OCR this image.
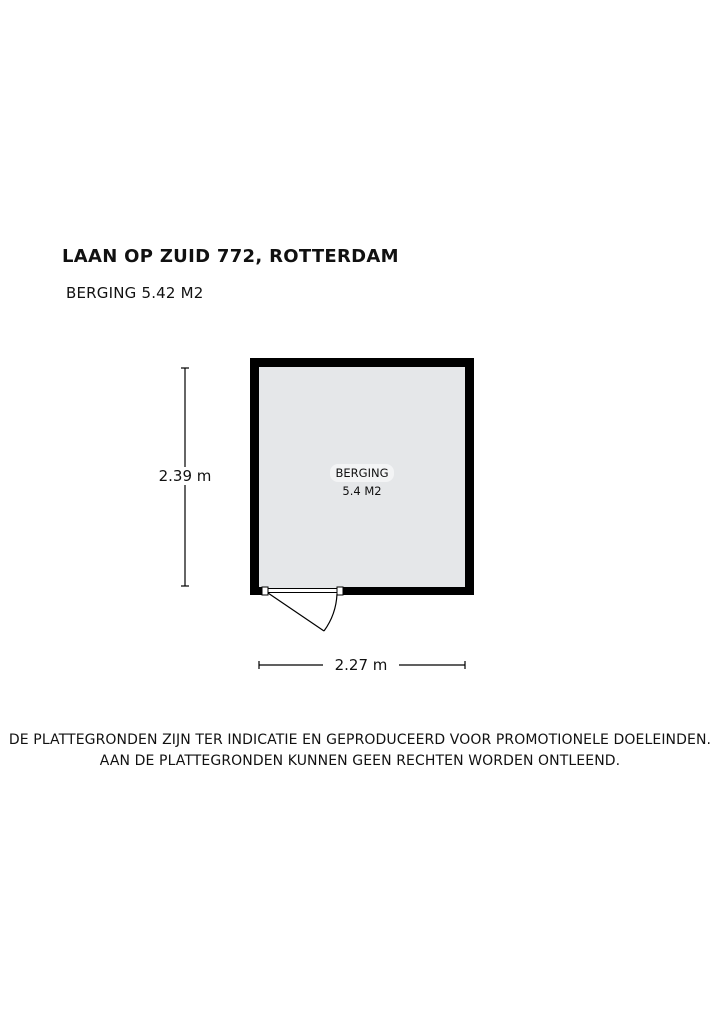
LAAN OP ZUID 772, ROTTERDAM
BERGING 5.42 M2
2.39 m
2.27 m
BERGING
5.4 M2
DE PLATTEGRONDEN ZIJN TER INDICATIE EN GEPRODUCEERD VOOR PROMOTIONELE DOELEINDEN.
AAN DE PLATTEGRONDEN KUNNEN GEEN RECHTEN WORDEN ONTLEEND.
